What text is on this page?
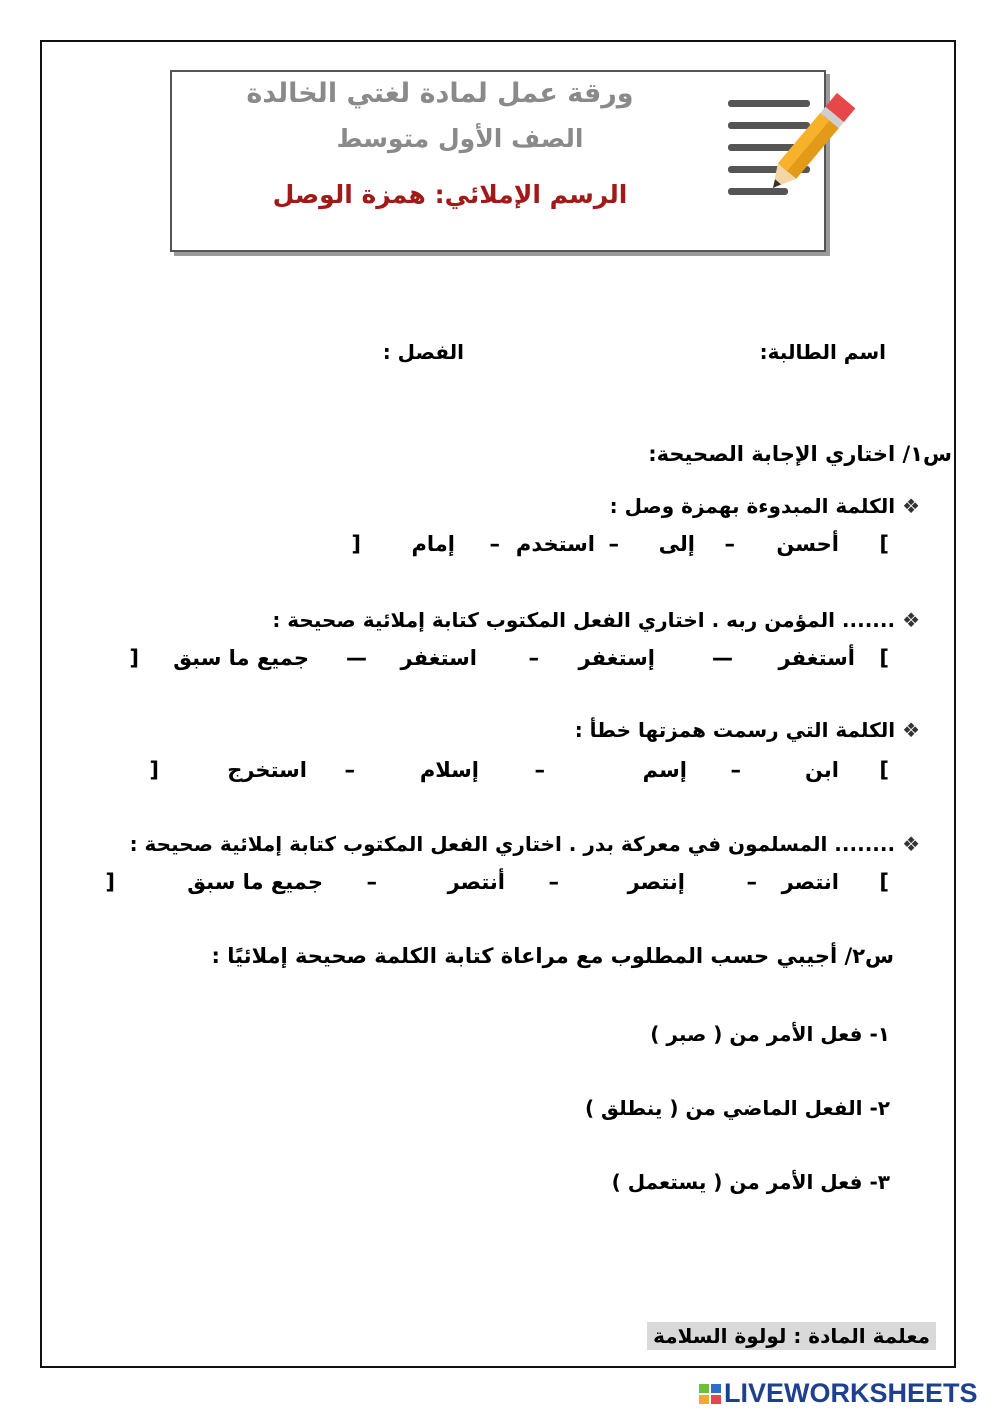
ورقة عمل لمادة لغتي الخالدة
الصف الأول متوسط
الرسم الإملائي: همزة الوصل
اسم الطالبة:
الفصل :
س١/ اختاري الإجابة الصحيحة:
❖ الكلمة المبدوءة بهمزة وصل :
[
أحسن
–
إلى
–
استخدم
–
إمام
]
❖ ....... المؤمن ربه . اختاري الفعل المكتوب كتابة إملائية صحيحة :
[
أستغفر
—
إستغفر
–
استغفر
—
جميع ما سبق
]
❖ الكلمة التي رسمت همزتها خطأ :
[
ابن
–
إسم
–
إسلام
–
استخرج
]
❖ ........ المسلمون في معركة بدر . اختاري الفعل المكتوب كتابة إملائية صحيحة :
[
انتصر
–
إنتصر
–
أنتصر
–
جميع ما سبق
]
س٢/ أجيبي حسب المطلوب مع مراعاة كتابة الكلمة صحيحة إملائيًا :
١- فعل الأمر من ( صبر )
٢- الفعل الماضي من ( ينطلق )
٣- فعل الأمر من ( يستعمل )
معلمة المادة : لولوة السلامة
LIVEWORKSHEETS
